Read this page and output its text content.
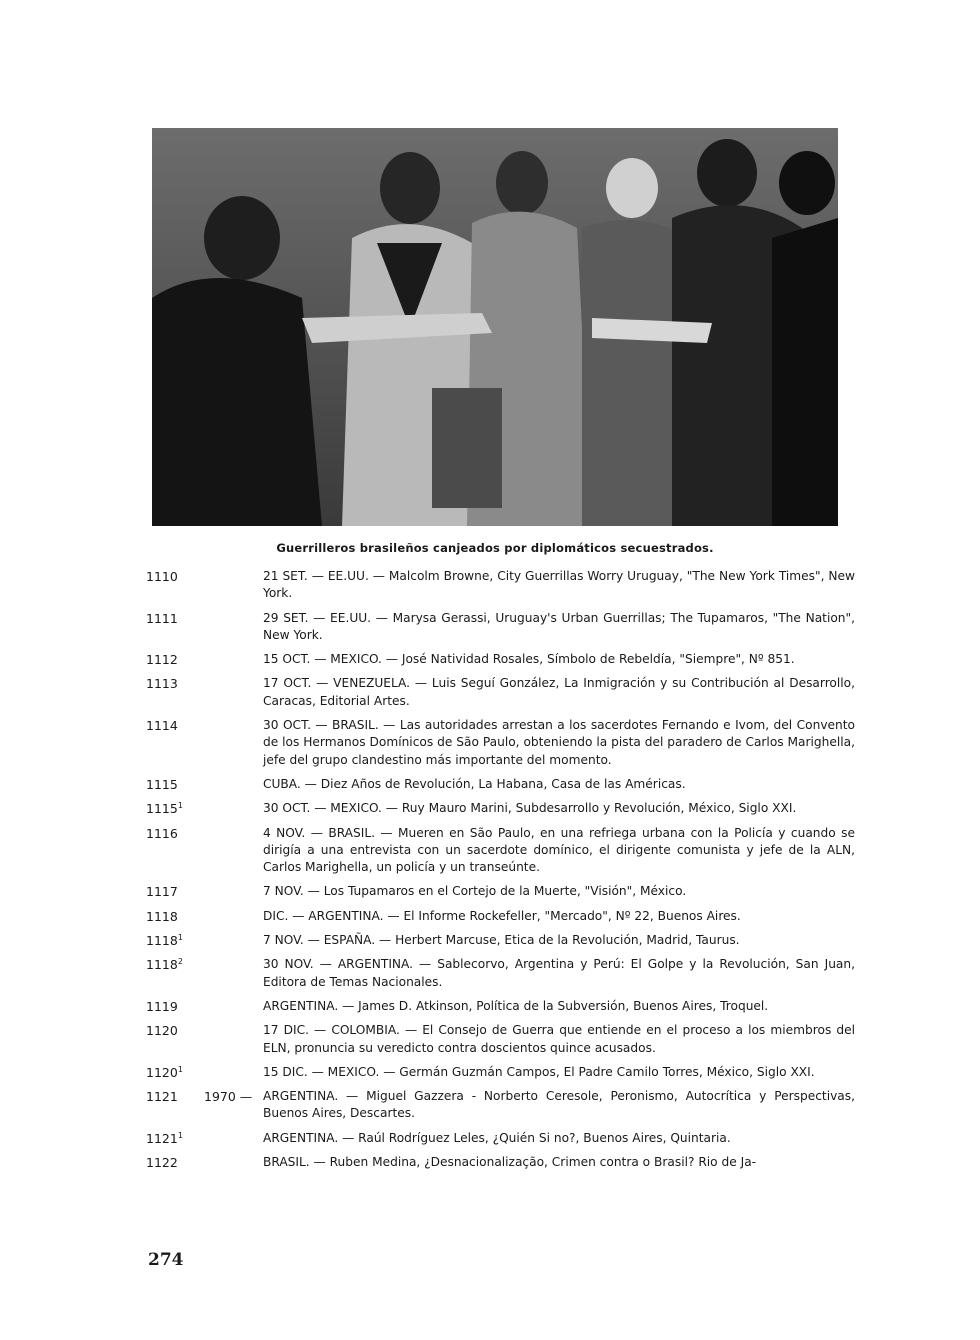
Guerrilleros brasileños canjeados por diplomáticos secuestrados.
1110	21 SET. — EE.UU. — Malcolm Browne, City Guerrillas Worry Uruguay, "The New York Times", New York.
1111	29 SET. — EE.UU. — Marysa Gerassi, Uruguay's Urban Guerrillas; The Tupamaros, "The Nation", New York.
1112	15 OCT. — MEXICO. — José Natividad Rosales, Símbolo de Rebeldía, "Siempre", Nº 851.
1113	17 OCT. — VENEZUELA. — Luis Seguí González, La Inmigración y su Contribución al Desarrollo, Caracas, Editorial Artes.
1114	30 OCT. — BRASIL. — Las autoridades arrestan a los sacerdotes Fernando e Ivom, del Convento de los Hermanos Domínicos de São Paulo, obteniendo la pista del paradero de Carlos Marighella, jefe del grupo clandestino más importante del momento.
1115	CUBA. — Diez Años de Revolución, La Habana, Casa de las Américas.
1115$^1$	30 OCT. — MEXICO. — Ruy Mauro Marini, Subdesarrollo y Revolución, México, Siglo XXI.
1116	4 NOV. — BRASIL. — Mueren en São Paulo, en una refriega urbana con la Policía y cuando se dirigía a una entrevista con un sacerdote domínico, el dirigente comunista y jefe de la ALN, Carlos Marighella, un policía y un transeúnte.
1117	7 NOV. — Los Tupamaros en el Cortejo de la Muerte, "Visión", México.
1118	DIC. — ARGENTINA. — El Informe Rockefeller, "Mercado", Nº 22, Buenos Aires.
1118$^1$	7 NOV. — ESPAÑA. — Herbert Marcuse, Etica de la Revolución, Madrid, Taurus.
1118$^2$	30 NOV. — ARGENTINA. — Sablecorvo, Argentina y Perú: El Golpe y la Revolución, San Juan, Editora de Temas Nacionales.
1119	ARGENTINA. — James D. Atkinson, Política de la Subversión, Buenos Aires, Troquel.
1120	17 DIC. — COLOMBIA. — El Consejo de Guerra que entiende en el proceso a los miembros del ELN, pronuncia su veredicto contra doscientos quince acusados.
1120$^1$	15 DIC. — MEXICO. — Germán Guzmán Campos, El Padre Camilo Torres, México, Siglo XXI.
1121	1970 — ARGENTINA. — Miguel Gazzera - Norberto Ceresole, Peronismo, Autocrítica y Perspectivas, Buenos Aires, Descartes.
1121$^1$	ARGENTINA. — Raúl Rodríguez Leles, ¿Quién Si no?, Buenos Aires, Quintaria.
1122	BRASIL. — Ruben Medina, ¿Desnacionalização, Crimen contra o Brasil? Rio de Ja-
274
